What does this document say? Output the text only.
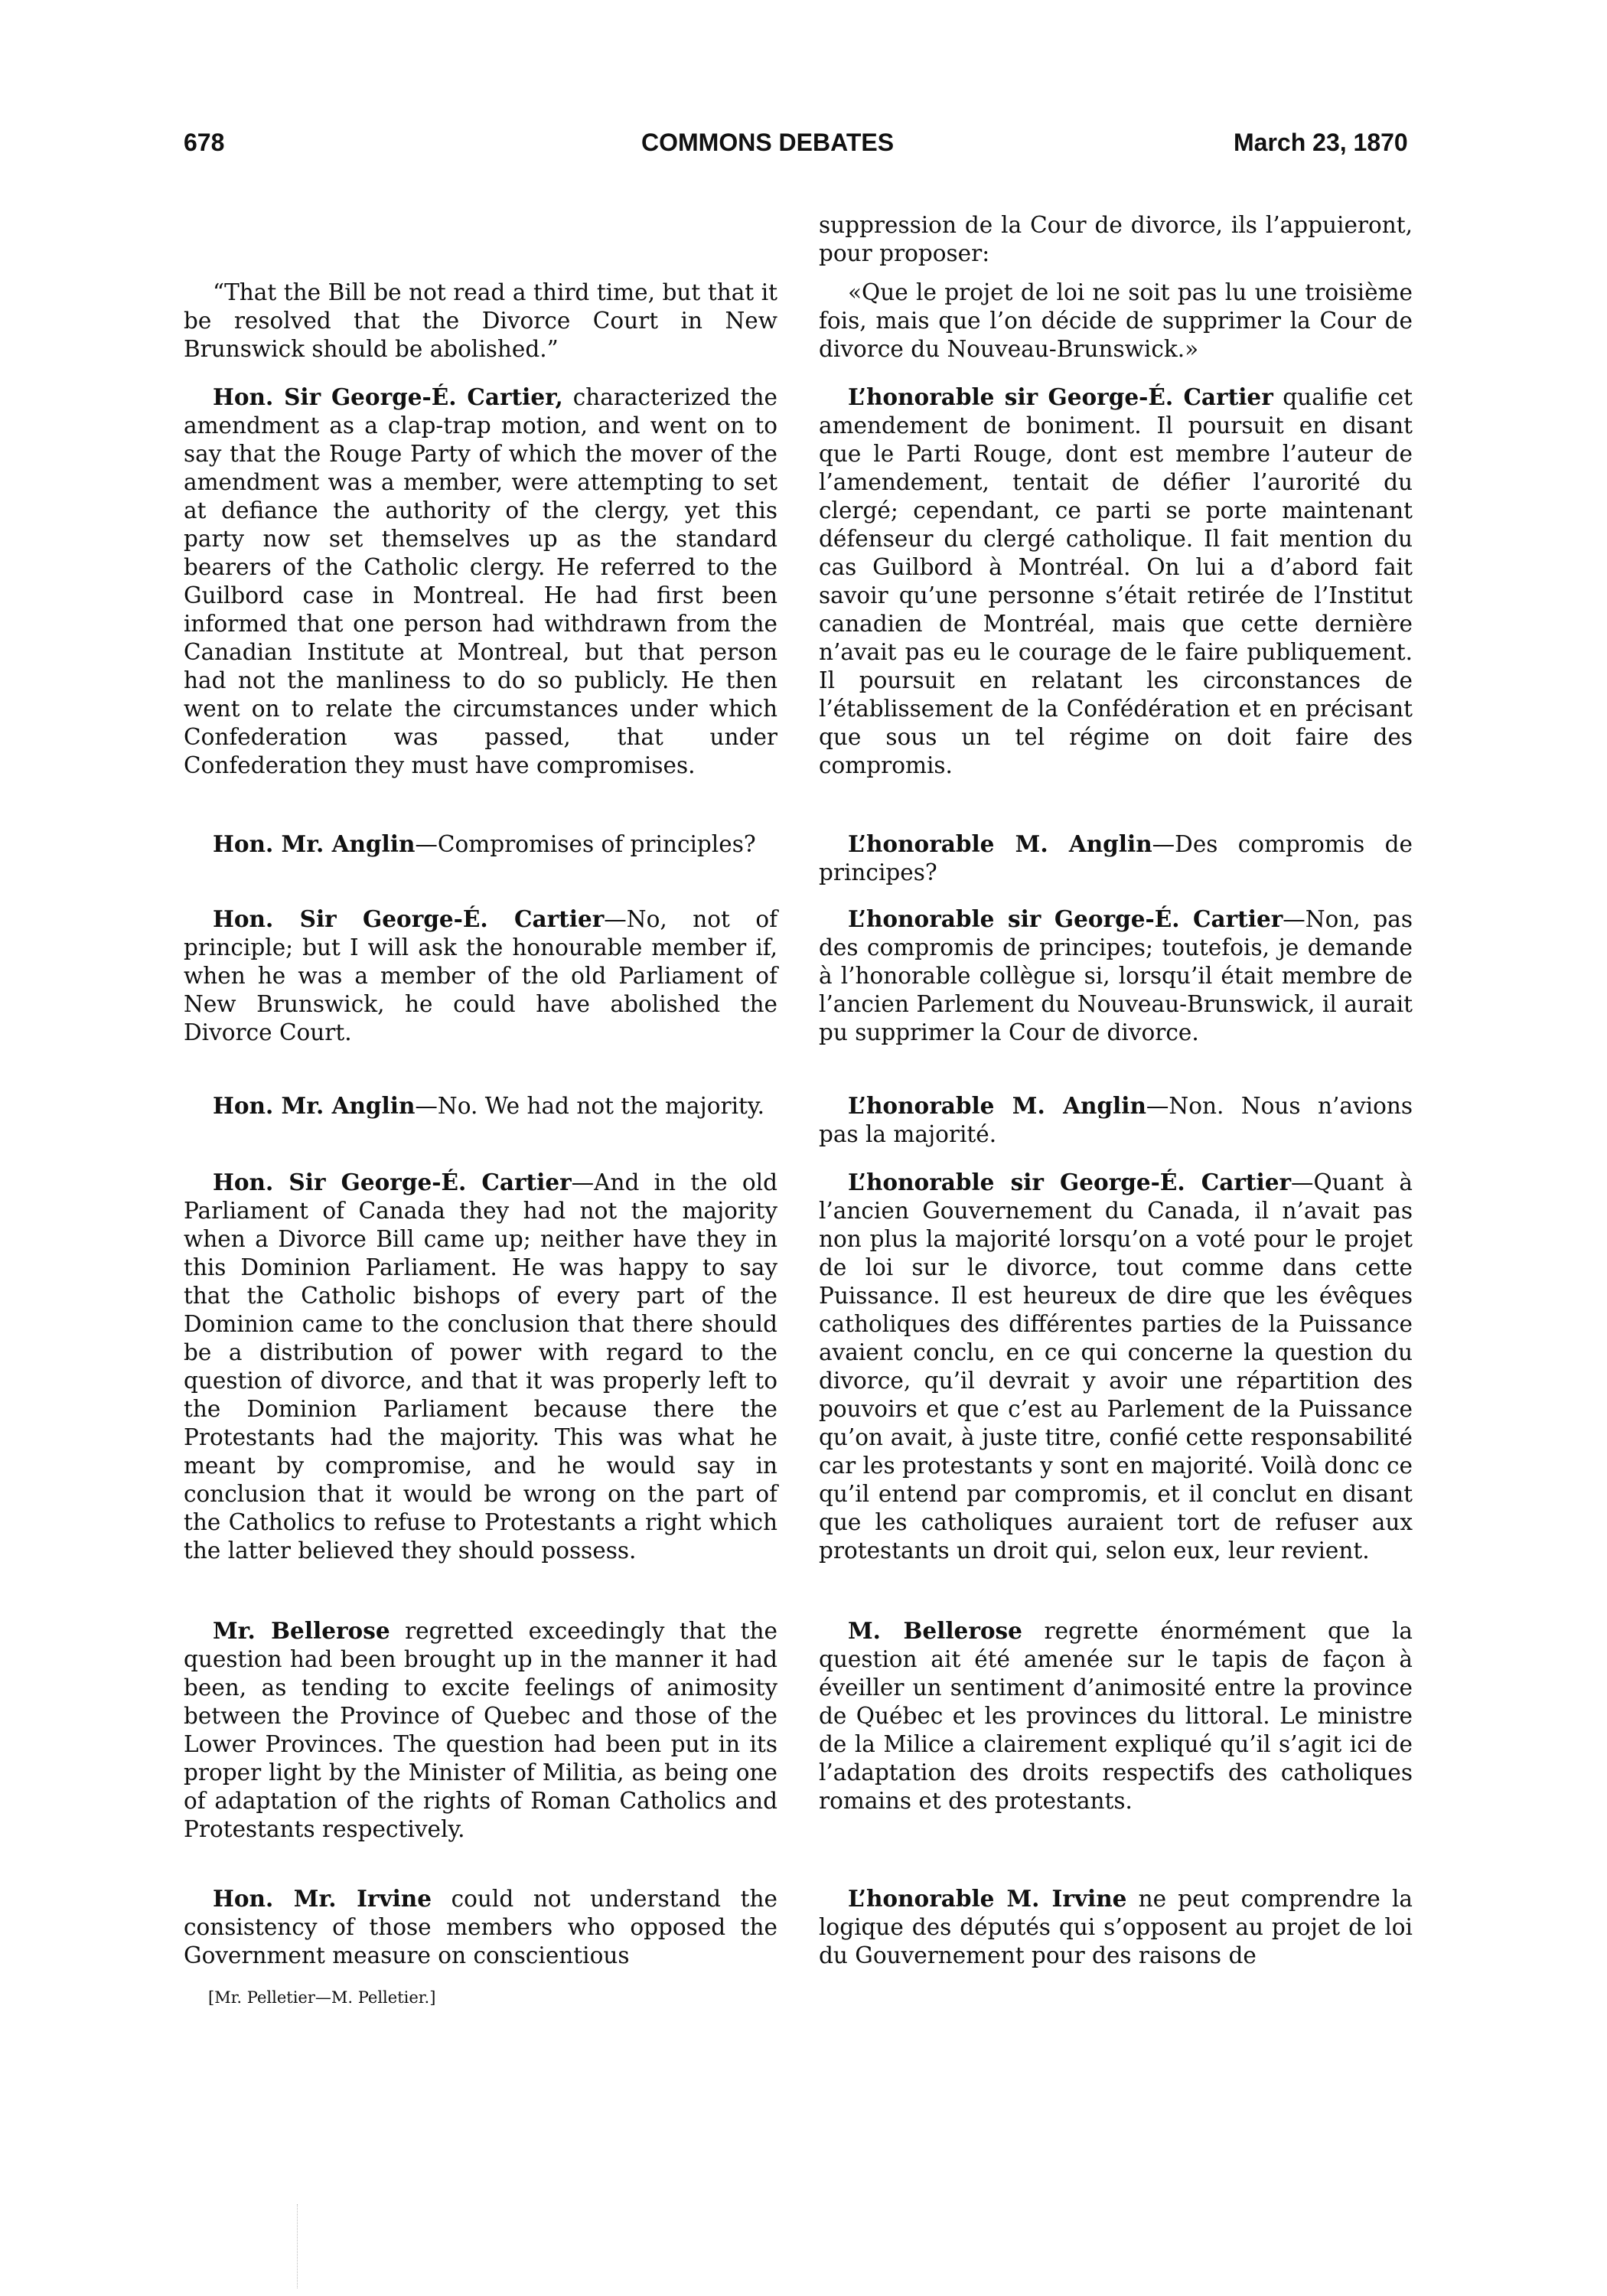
678	COMMONS DEBATES	March 23, 1870

“That the Bill be not read a third time, but that it be resolved that the Divorce Court in New Brunswick should be abolished.”

Hon. Sir George-É. Cartier, characterized the amendment as a clap-trap motion, and went on to say that the Rouge Party of which the mover of the amendment was a member, were attempting to set at defiance the authority of the clergy, yet this party now set themselves up as the standard bearers of the Catholic clergy. He referred to the Guilbord case in Montreal. He had first been informed that one person had withdrawn from the Canadian Institute at Montreal, but that person had not the manliness to do so publicly. He then went on to relate the circumstances under which Confederation was passed, that under Confederation they must have compromises.

Hon. Mr. Anglin—Compromises of principles?

Hon. Sir George-É. Cartier—No, not of principle; but I will ask the honourable member if, when he was a member of the old Parliament of New Brunswick, he could have abolished the Divorce Court.

Hon. Mr. Anglin—No. We had not the majority.

Hon. Sir George-É. Cartier—And in the old Parliament of Canada they had not the majority when a Divorce Bill came up; neither have they in this Dominion Parliament. He was happy to say that the Catholic bishops of every part of the Dominion came to the conclusion that there should be a distribution of power with regard to the question of divorce, and that it was properly left to the Dominion Parliament because there the Protestants had the majority. This was what he meant by compromise, and he would say in conclusion that it would be wrong on the part of the Catholics to refuse to Protestants a right which the latter believed they should possess.

Mr. Bellerose regretted exceedingly that the question had been brought up in the manner it had been, as tending to excite feelings of animosity between the Province of Quebec and those of the Lower Provinces. The question had been put in its proper light by the Minister of Militia, as being one of adaptation of the rights of Roman Catholics and Protestants respectively.

Hon. Mr. Irvine could not understand the consistency of those members who opposed the Government measure on conscientious

suppression de la Cour de divorce, ils l’appuieront, pour proposer:

«Que le projet de loi ne soit pas lu une troisième fois, mais que l’on décide de supprimer la Cour de divorce du Nouveau-Brunswick.»

L’honorable sir George-É. Cartier qualifie cet amendement de boniment. Il poursuit en disant que le Parti Rouge, dont est membre l’auteur de l’amendement, tentait de défier l’aurorité du clergé; cependant, ce parti se porte maintenant défenseur du clergé catholique. Il fait mention du cas Guilbord à Montréal. On lui a d’abord fait savoir qu’une personne s’était retirée de l’Institut canadien de Montréal, mais que cette dernière n’avait pas eu le courage de le faire publiquement. Il poursuit en relatant les circonstances de l’établissement de la Confédération et en précisant que sous un tel régime on doit faire des compromis.

L’honorable M. Anglin—Des compromis de principes?

L’honorable sir George-É. Cartier—Non, pas des compromis de principes; toutefois, je demande à l’honorable collègue si, lorsqu’il était membre de l’ancien Parlement du Nouveau-Brunswick, il aurait pu supprimer la Cour de divorce.

L’honorable M. Anglin—Non. Nous n’avions pas la majorité.

L’honorable sir George-É. Cartier—Quant à l’ancien Gouvernement du Canada, il n’avait pas non plus la majorité lorsqu’on a voté pour le projet de loi sur le divorce, tout comme dans cette Puissance. Il est heureux de dire que les évêques catholiques des différentes parties de la Puissance avaient conclu, en ce qui concerne la question du divorce, qu’il devrait y avoir une répartition des pouvoirs et que c’est au Parlement de la Puissance qu’on avait, à juste titre, confié cette responsabilité car les protestants y sont en majorité. Voilà donc ce qu’il entend par compromis, et il conclut en disant que les catholiques auraient tort de refuser aux protestants un droit qui, selon eux, leur revient.

M. Bellerose regrette énormément que la question ait été amenée sur le tapis de façon à éveiller un sentiment d’animosité entre la province de Québec et les provinces du littoral. Le ministre de la Milice a clairement expliqué qu’il s’agit ici de l’adaptation des droits respectifs des catholiques romains et des protestants.

L’honorable M. Irvine ne peut comprendre la logique des députés qui s’opposent au projet de loi du Gouvernement pour des raisons de

[Mr. Pelletier—M. Pelletier.]
